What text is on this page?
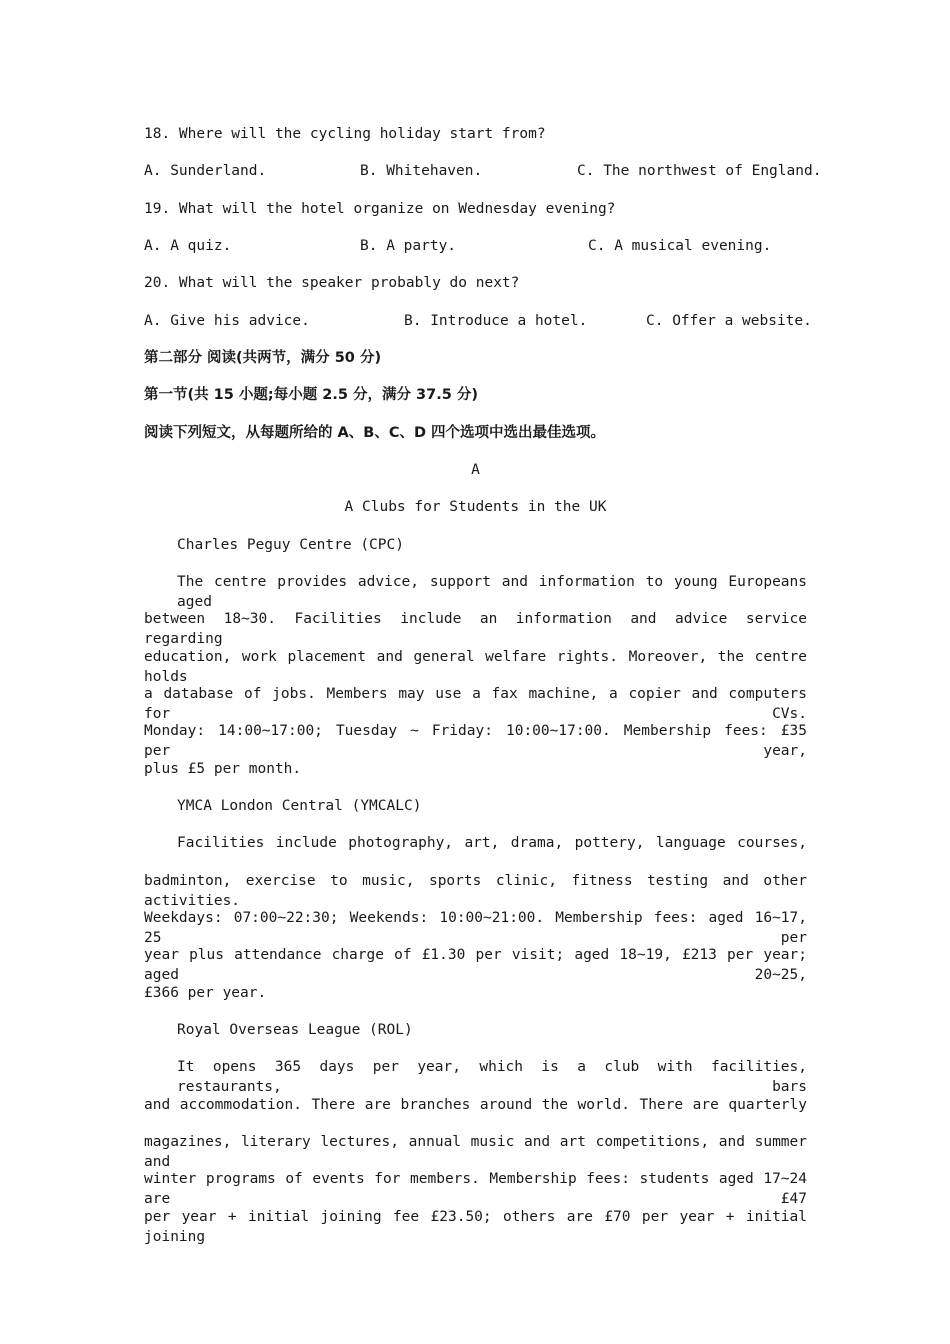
18. Where will the cycling holiday start from?
A. Sunderland.	B. Whitehaven.	C. The northwest of England.
19. What will the hotel organize on Wednesday evening?
A. A quiz.	B. A party.	C. A musical evening.
20. What will the speaker probably do next?
A. Give his advice.	B. Introduce a hotel.	C. Offer a website.
第二部分 阅读(共两节，满分 50 分)
第一节(共 15 小题;每小题 2.5 分，满分 37.5 分)
阅读下列短文，从每题所给的 A、B、C、D 四个选项中选出最佳选项。
A
A Clubs for Students in the UK
Charles Peguy Centre (CPC)
The centre provides advice, support and information to young Europeans aged
between 18~30. Facilities include an information and advice service regarding
education, work placement and general welfare rights. Moreover, the centre holds
a database of jobs. Members may use a fax machine, a copier and computers for CVs.
Monday: 14:00~17:00; Tuesday ~ Friday: 10:00~17:00. Membership fees: £35 per year,
plus £5 per month.
YMCA London Central (YMCALC)
Facilities include photography, art, drama, pottery, language courses,
badminton, exercise to music, sports clinic, fitness testing and other activities.
Weekdays: 07:00~22:30; Weekends: 10:00~21:00. Membership fees: aged 16~17, 25 per
year plus attendance charge of £1.30 per visit; aged 18~19, £213 per year; aged 20~25,
£366 per year.
Royal Overseas League (ROL)
It opens 365 days per year, which is a club with facilities, restaurants, bars
and accommodation. There are branches around the world. There are quarterly
magazines, literary lectures, annual music and art competitions, and summer and
winter programs of events for members. Membership fees: students aged 17~24 are £47
per year + initial joining fee £23.50; others are £70 per year + initial joining
